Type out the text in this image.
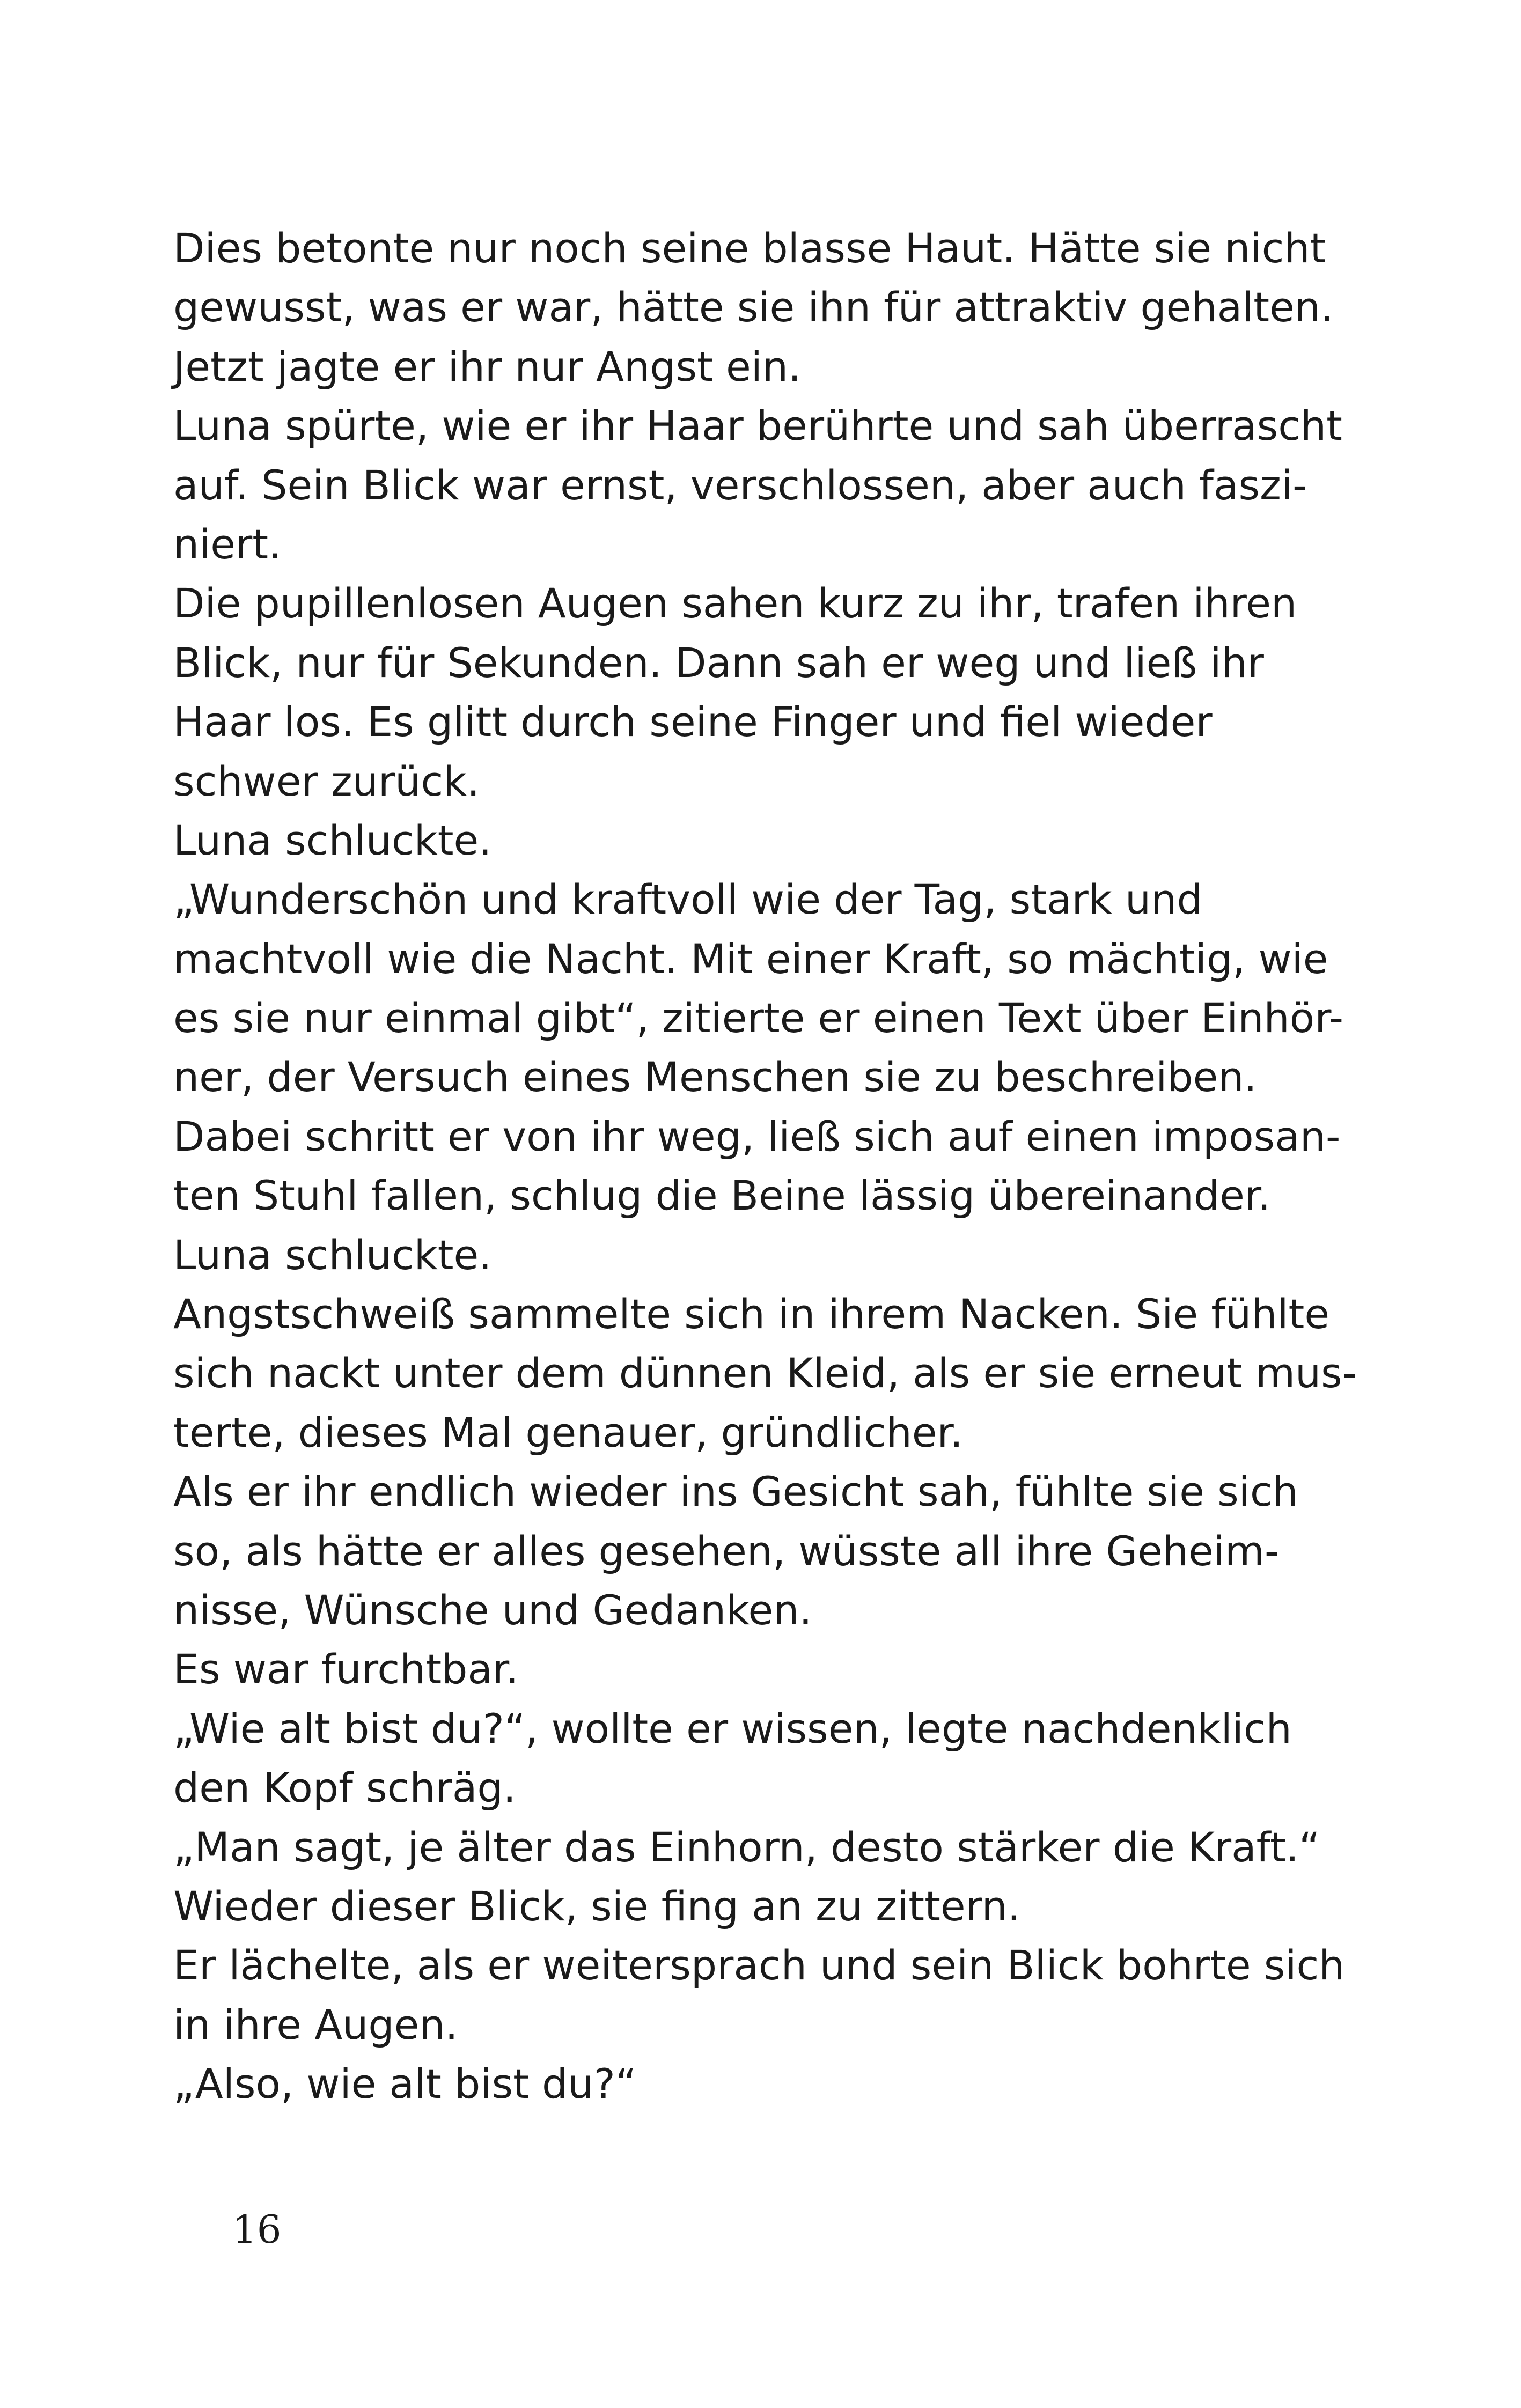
Dies betonte nur noch seine blasse Haut. Hätte sie nicht
gewusst, was er war, hätte sie ihn für attraktiv gehalten.
Jetzt jagte er ihr nur Angst ein.
Luna spürte, wie er ihr Haar berührte und sah überrascht
auf. Sein Blick war ernst, verschlossen, aber auch faszi-
niert.
Die pupillenlosen Augen sahen kurz zu ihr, trafen ihren
Blick, nur für Sekunden. Dann sah er weg und ließ ihr
Haar los. Es glitt durch seine Finger und fiel wieder
schwer zurück.
Luna schluckte.
„Wunderschön und kraftvoll wie der Tag, stark und
machtvoll wie die Nacht. Mit einer Kraft, so mächtig, wie
es sie nur einmal gibt“, zitierte er einen Text über Einhör-
ner, der Versuch eines Menschen sie zu beschreiben.
Dabei schritt er von ihr weg, ließ sich auf einen imposan-
ten Stuhl fallen, schlug die Beine lässig übereinander.
Luna schluckte.
Angstschweiß sammelte sich in ihrem Nacken. Sie fühlte
sich nackt unter dem dünnen Kleid, als er sie erneut mus-
terte, dieses Mal genauer, gründlicher.
Als er ihr endlich wieder ins Gesicht sah, fühlte sie sich
so, als hätte er alles gesehen, wüsste all ihre Geheim-
nisse, Wünsche und Gedanken.
Es war furchtbar.
„Wie alt bist du?“, wollte er wissen, legte nachdenklich
den Kopf schräg.
„Man sagt, je älter das Einhorn, desto stärker die Kraft.“
Wieder dieser Blick, sie fing an zu zittern.
Er lächelte, als er weitersprach und sein Blick bohrte sich
in ihre Augen.
„Also, wie alt bist du?“
16
